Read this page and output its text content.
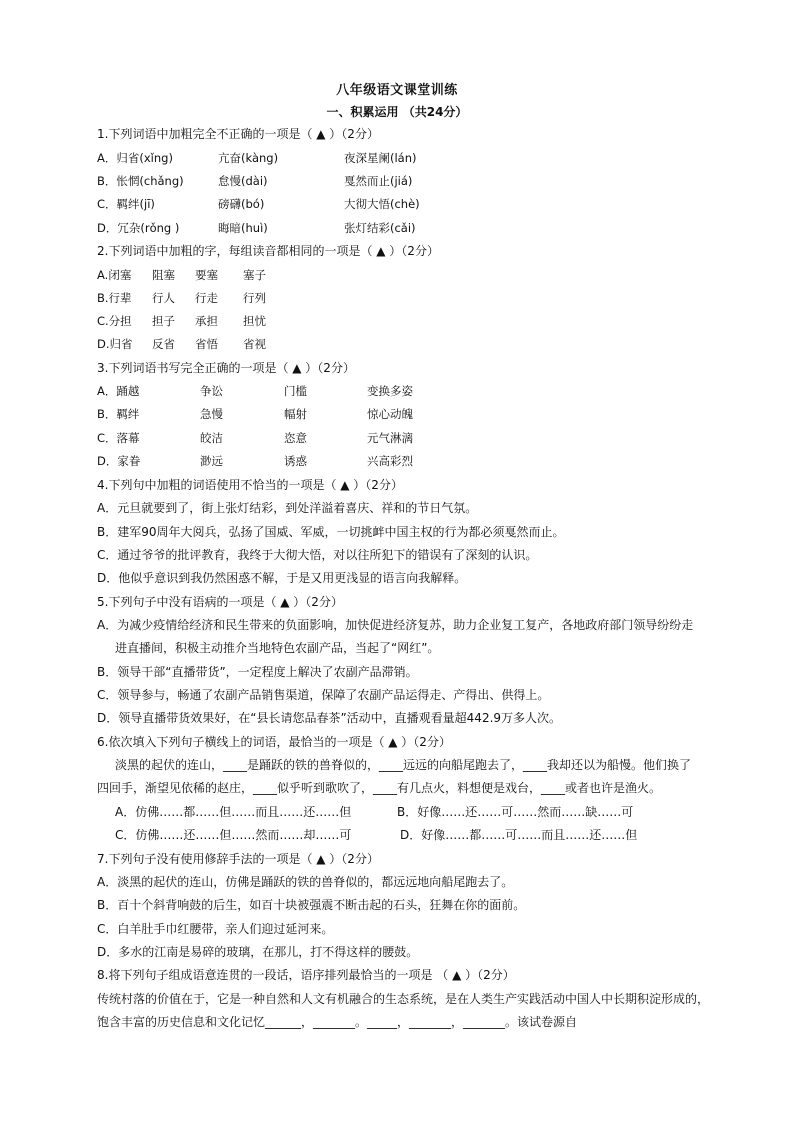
八年级语文课堂训练
一、积累运用 （共24分）
1.下列词语中加粗完全不正确的一项是（ ▲ ）（2分）
A．归省(xǐng)	亢奋(kàng)	夜深星阑(lán)
B．怅惘(chǎng)	怠慢(dài)	戛然而止(jiá)
C．羁绊(jī)	磅礴(bó)	大彻大悟(chè)
D．冗杂(rǒng )	晦暗(huì)	张灯结彩(cǎi)
2.下列词语中加粗的字，每组读音都相同的一项是（ ▲ ）（2分）
A.闭塞 阻塞 要塞 塞子
B.行辈 行人 行走 行列
C.分担 担子 承担 担忧
D.归省 反省 省悟 省视
3.下列词语书写完全正确的一项是（ ▲ ）（2分）
A．踊越	争讼	门槛	变换多姿
B．羁绊	急慢	幅射	惊心动魄
C．落幕	皎洁	恣意	元气淋漓
D．家眷	渺远	诱惑	兴高彩烈
4.下列句中加粗的词语使用不恰当的一项是（ ▲ ）（2分）
A．元旦就要到了，街上张灯结彩，到处洋溢着喜庆、祥和的节日气氛。
B．建军90周年大阅兵，弘扬了国威、军威，一切挑衅中国主权的行为都必须戛然而止。
C．通过爷爷的批评教育，我终于大彻大悟，对以往所犯下的错误有了深刻的认识。
D．他似乎意识到我仍然困惑不解，于是又用更浅显的语言向我解释。
5.下列句子中没有语病的一项是（ ▲ ）（2分）
A．为减少疫情给经济和民生带来的负面影响，加快促进经济复苏，助力企业复工复产，各地政府部门领导纷纷走
进直播间，积极主动推介当地特色农副产品，当起了“网红”。
B．领导干部“直播带货”，一定程度上解决了农副产品滞销。
C．领导参与，畅通了农副产品销售渠道，保障了农副产品运得走、产得出、供得上。
D．领导直播带货效果好，在“县长请您品春茶”活动中，直播观看量超442.9万多人次。
6.依次填入下列句子横线上的词语，最恰当的一项是（ ▲ ）（2分）
淡黑的起伏的连山，____是踊跃的铁的兽脊似的，____远远的向船尾跑去了，____我却还以为船慢。他们换了
四回手，渐望见依稀的赵庄，____似乎听到歌吹了，____有几点火，料想便是戏台，____或者也许是渔火。
A．仿佛……都……但……而且……还……但	B．好像……还……可……然而……缺……可
C．仿佛……还……但……然而……却……可	D．好像……都……可……而且……还……但
7.下列句子没有使用修辞手法的一项是（ ▲ ）（2分）
A．淡黑的起伏的连山，仿佛是踊跃的铁的兽脊似的，都远远地向船尾跑去了。
B．百十个斜背响鼓的后生，如百十块被强震不断击起的石头，狂舞在你的面前。
C．白羊肚手巾红腰带，亲人们迎过延河来。
D．多水的江南是易碎的玻璃，在那儿，打不得这样的腰鼓。
8.将下列句子组成语意连贯的一段话，语序排列最恰当的一项是 （ ▲ ）（2分）
传统村落的价值在于，它是一种自然和人文有机融合的生态系统，是在人类生产实践活动中国人中长期积淀形成的，
饱含丰富的历史信息和文化记忆______，_______。_____，_______，_______。该试卷源自
